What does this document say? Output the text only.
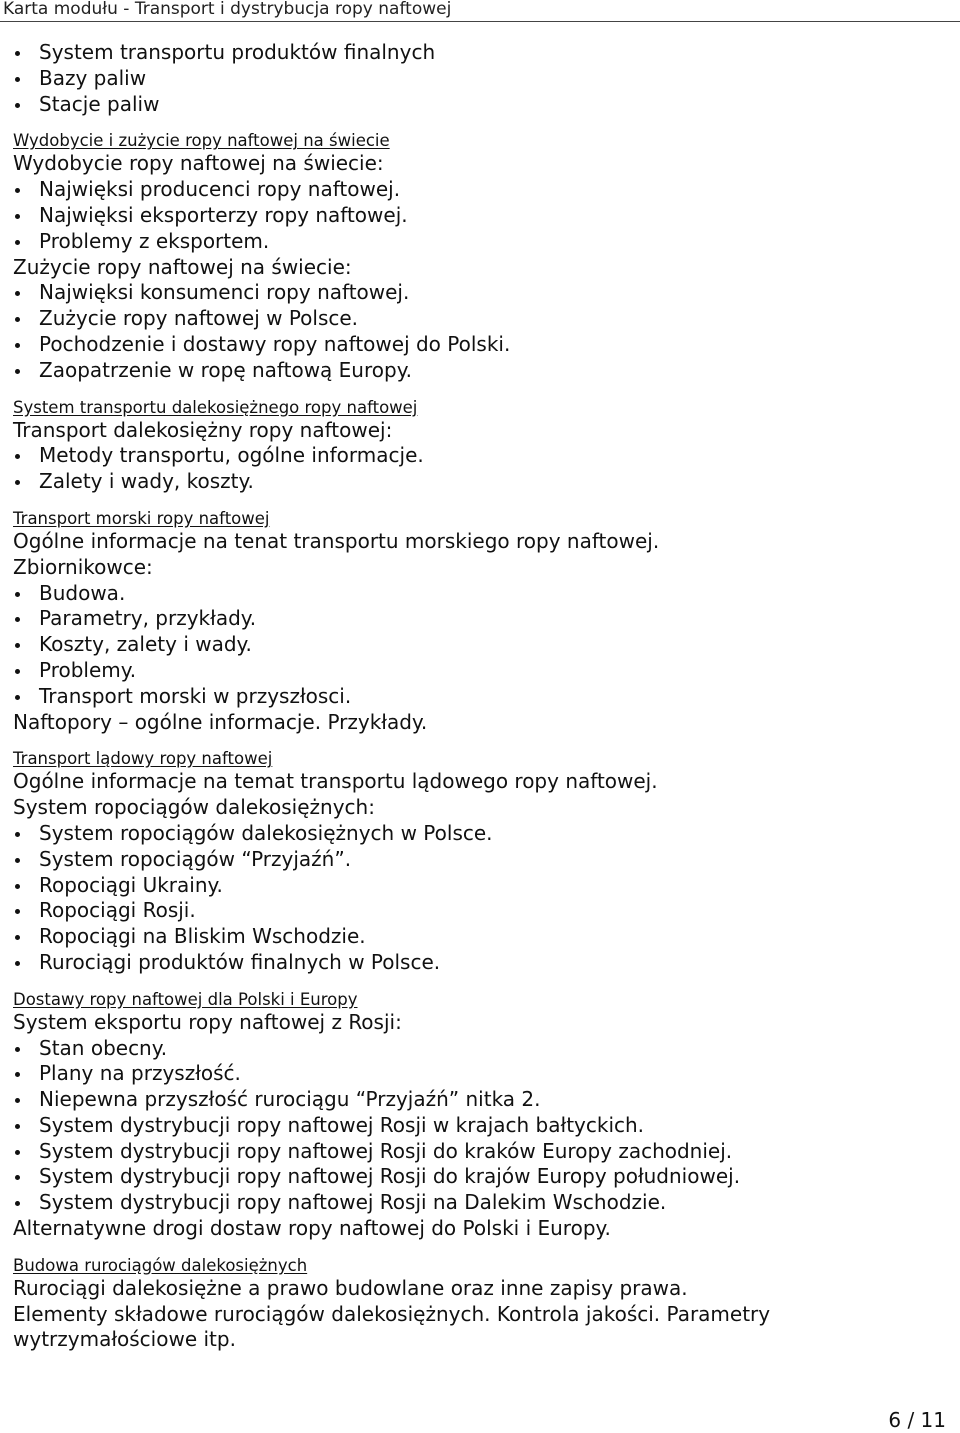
Karta modułu - Transport i dystrybucja ropy naftowej
System transportu produktów finalnych
Bazy paliw
Stacje paliw
Wydobycie i zużycie ropy naftowej na świecie
Wydobycie ropy naftowej na świecie:
Najwięksi producenci ropy naftowej.
Najwięksi eksporterzy ropy naftowej.
Problemy z eksportem.
Zużycie ropy naftowej na świecie:
Najwięksi konsumenci ropy naftowej.
Zużycie ropy naftowej w Polsce.
Pochodzenie i dostawy ropy naftowej do Polski.
Zaopatrzenie w ropę naftową Europy.
System transportu dalekosiężnego ropy naftowej
Transport dalekosiężny ropy naftowej:
Metody transportu, ogólne informacje.
Zalety i wady, koszty.
Transport morski ropy naftowej
Ogólne informacje na tenat transportu morskiego ropy naftowej.
Zbiornikowce:
Budowa.
Parametry, przykłady.
Koszty, zalety i wady.
Problemy.
Transport morski w przyszłosci.
Naftopory – ogólne informacje. Przykłady.
Transport lądowy ropy naftowej
Ogólne informacje na temat transportu lądowego ropy naftowej.
System ropociągów dalekosiężnych:
System ropociągów dalekosiężnych w Polsce.
System ropociągów “Przyjaźń”.
Ropociągi Ukrainy.
Ropociągi Rosji.
Ropociągi na Bliskim Wschodzie.
Rurociągi produktów finalnych w Polsce.
Dostawy ropy naftowej dla Polski i Europy
System eksportu ropy naftowej z Rosji:
Stan obecny.
Plany na przyszłość.
Niepewna przyszłość rurociągu “Przyjaźń” nitka 2.
System dystrybucji ropy naftowej Rosji w krajach bałtyckich.
System dystrybucji ropy naftowej Rosji do kraków Europy zachodniej.
System dystrybucji ropy naftowej Rosji do krajów Europy południowej.
System dystrybucji ropy naftowej Rosji na Dalekim Wschodzie.
Alternatywne drogi dostaw ropy naftowej do Polski i Europy.
Budowa rurociągów dalekosiężnych
Rurociągi dalekosiężne a prawo budowlane oraz inne zapisy prawa.
Elementy składowe rurociągów dalekosiężnych. Kontrola jakości. Parametry
wytrzymałościowe itp.
6 / 11
